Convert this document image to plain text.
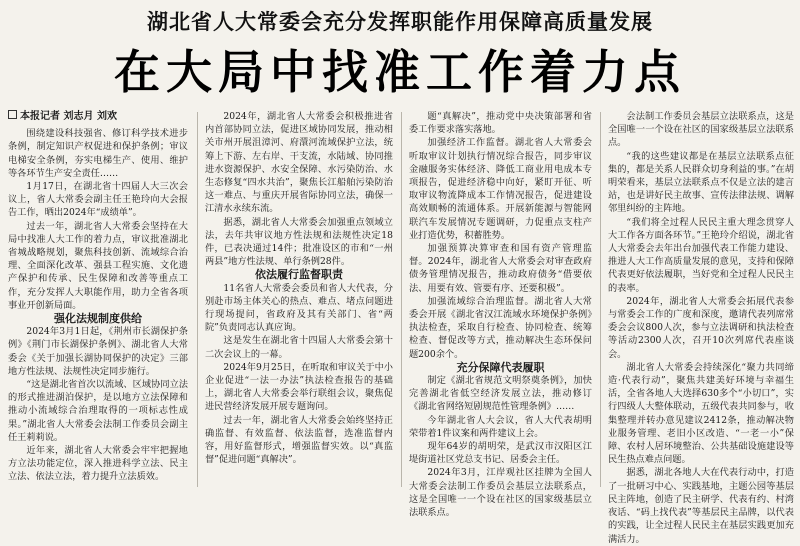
湖北省人大常委会充分发挥职能作用保障高质量发展
在大局中找准工作着力点
本报记者 刘志月 刘欢

围绕建设科技强省、修订科学技术进步条例，制定知识产权促进和保护条例；审议电梯安全条例，夯实电梯生产、使用、维护等各环节生产安全责任……

1月17日，在湖北省十四届人大三次会议上，省人大常委会副主任王艳玲向大会报告工作，晒出2024年“成绩单”。

过去一年，湖北省人大常委会坚持在大局中找准人大工作的着力点，审议批准湖北省城战略规划，聚焦科技创新、流域综合治理、全面深化改革、强县工程实施、文化遗产保护和传承、民生保障和改善等重点工作，充分发挥人大职能作用，助力全省各项事业开创新局面。

强化法规制度供给

2024年3月1日起，《荆州市长湖保护条例》《荆门市长湖保护条例》、湖北省人大常委会《关于加强长湖协同保护的决定》三部地方性法规、法规性决定同步施行。

“这是湖北省首次以流域、区域协同立法的形式推进湖泊保护，是以地方立法保障和推动小流域综合治理取得的一项标志性成果。”湖北省人大常委会法制工作委员会副主任王莉莉说。

近年来，湖北省人大常委会牢牢把握地方立法功能定位，深入推进科学立法、民主立法、依法立法，着力提升立法质效。

2024年，湖北省人大常委会积极推进省内首部协同立法，促进区域协同发展，推动相关市州开展沮漳河、府澴河流域保护立法，统筹上下游、左右岸、干支流，水陆域、协同推进水资源保护、水安全保障、水污染防治、水生态修复“四水共治”，聚焦长江船舶污染防治这一难点、与重庆开展省际协同立法，确保一江清水永续东流。

据悉，湖北省人大常委会加强重点领域立法，去年共审议地方性法规和法规性决定18件，已表决通过14件；批准设区的市和“一州两县”地方性法规、单行条例28件。

依法履行监督职责

11名省人大常委会委员和省人大代表，分别赴市场主体关心的热点、难点、堵点问题进行现场提问，省政府及其有关部门、省“两院”负责同志认真应询。

这是发生在湖北省十四届人大常委会第十二次会议上的一幕。

2024年9月25日，在听取和审议关于中小企业促进“一法一办法”执法检查报告的基础上，湖北省人大常委会举行联组会议，聚焦促进民营经济发展开展专题询问。

过去一年，湖北省人大常委会始终坚持正确监督、有效监督、依法监督，选准监督内容，用好监督形式，增强监督实效。以“真监督”促进问题“真解决”。

题“真解决”，推动党中央决策部署和省委工作要求落实落地。

加强经济工作监督。湖北省人大常委会听取审议计划执行情况综合报告，同步审议金融服务实体经济、降低工商业用电成本专项报告，促进经济稳中向好，紧盯开征、听取审议物流降成本工作情况报告，促进建设高效顺畅的流通体系。开展新能源与智能网联汽车发展情况专题调研，力促重点支柱产业打造优势，积蓄胜势。

加强预算决算审查和国有资产管理监督。2024年，湖北省人大常委会对审查政府债务管理情况报告，推动政府债务“借要依法、用要有效、管要有序、还要积极”。

加强流域综合治理监督。湖北省人大常委会开展《湖北省汉江流域水环境保护条例》执法检查，采取自行检查、协同检查、统筹检查、督促改等方式，推动解决生态环保问题200余个。

充分保障代表履职

制定《湖北省规范文明祭奠条例》，加快完善湖北省低空经济发展立法，推动修订《湖北省网络短剧规范性管理条例》……

今年湖北省人大会议，省人大代表胡明荣带着1件议案和两件建议上会。

现年64岁的胡明荣，是武汉市汉阳区江堤街道社区党总支书记、居委会主任。

2024年3月，江岸观社区挂牌为全国人大常委会法制工作委员会基层立法联系点，这是全国唯一一个设在社区的国家级基层立法联系点。

会法制工作委员会基层立法联系点，这是全国唯一一个设在社区的国家级基层立法联系点。

“我的这些建议都是在基层立法联系点征集的，都是关系人民群众切身利益的事。”在胡明荣看来，基层立法联系点不仅是立法的建言站，也是讲好民主故事、宣传法律法规、调解邻里纠纷的主阵地。

“我们将全过程人民民主重大理念贯穿人大工作各方面各环节。”王艳玲介绍说，湖北省人大常委会去年出台加强代表工作能力建设、推进人大工作高质量发展的意见，支持和保障代表更好依法履职，当好党和全过程人民民主的表率。

2024年，湖北省人大常委会拓展代表参与常委会工作的广度和深度，邀请代表列席常委会会议800人次，参与立法调研和执法检查等活动2300人次，召开10次列席代表座谈会。

湖北省人大常委会持续深化“聚力共同缔造·代表行动”，聚焦共建美好环境与幸福生活，全省各地人大选择630多个“小切口”，实行四级人大整体联动，五级代表共同参与，收集整理并转办意见建议2412条，推动解决物业服务管理、老旧小区改造、“一老一小”保障、农村人居环境整治、公共基础设施建设等民生热点难点问题。

据悉，湖北各地人大在代表行动中，打造了一批研习中心、实践基地，主题公园等基层民主阵地，创造了民主研学、代表有约、村湾夜话、“码上找代表”等基层民主品牌，以代表的实践，让全过程人民民主在基层实践更加充满活力。
